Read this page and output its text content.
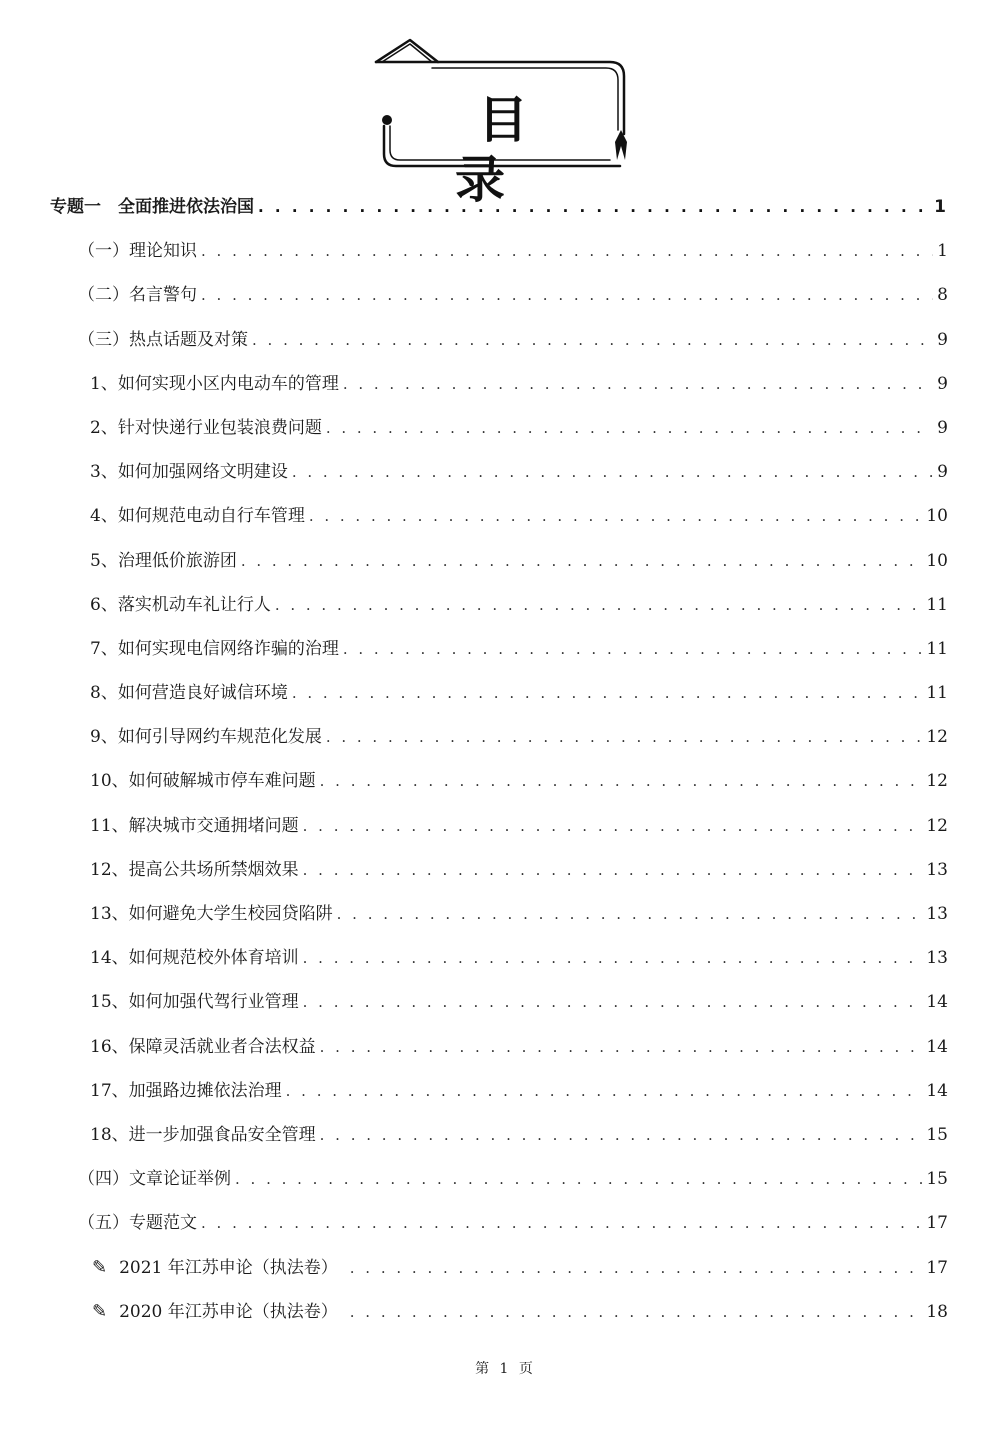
目 录
专题一　全面推进依法治国 . . .	1
（一）理论知识 . . .	1
（二）名言警句 . . .	8
（三）热点话题及对策 . . .	9
1、如何实现小区内电动车的管理 . . .	9
2、针对快递行业包装浪费问题 . . .	9
3、如何加强网络文明建设 . . .	9
4、如何规范电动自行车管理 . . .	10
5、治理低价旅游团 . . .	10
6、落实机动车礼让行人 . . .	11
7、如何实现电信网络诈骗的治理 . . .	11
8、如何营造良好诚信环境 . . .	11
9、如何引导网约车规范化发展 . . .	12
10、如何破解城市停车难问题 . . .	12
11、解决城市交通拥堵问题 . . .	12
12、提高公共场所禁烟效果 . . .	13
13、如何避免大学生校园贷陷阱 . . .	13
14、如何规范校外体育培训 . . .	13
15、如何加强代驾行业管理 . . .	14
16、保障灵活就业者合法权益 . . .	14
17、加强路边摊依法治理 . . .	14
18、进一步加强食品安全管理 . . .	15
（四）文章论证举例 . . .	15
（五）专题范文 . . .	17
✎ 2021 年江苏申论（执法卷） . . .	17
✎ 2020 年江苏申论（执法卷） . . .	18
第 1 页
